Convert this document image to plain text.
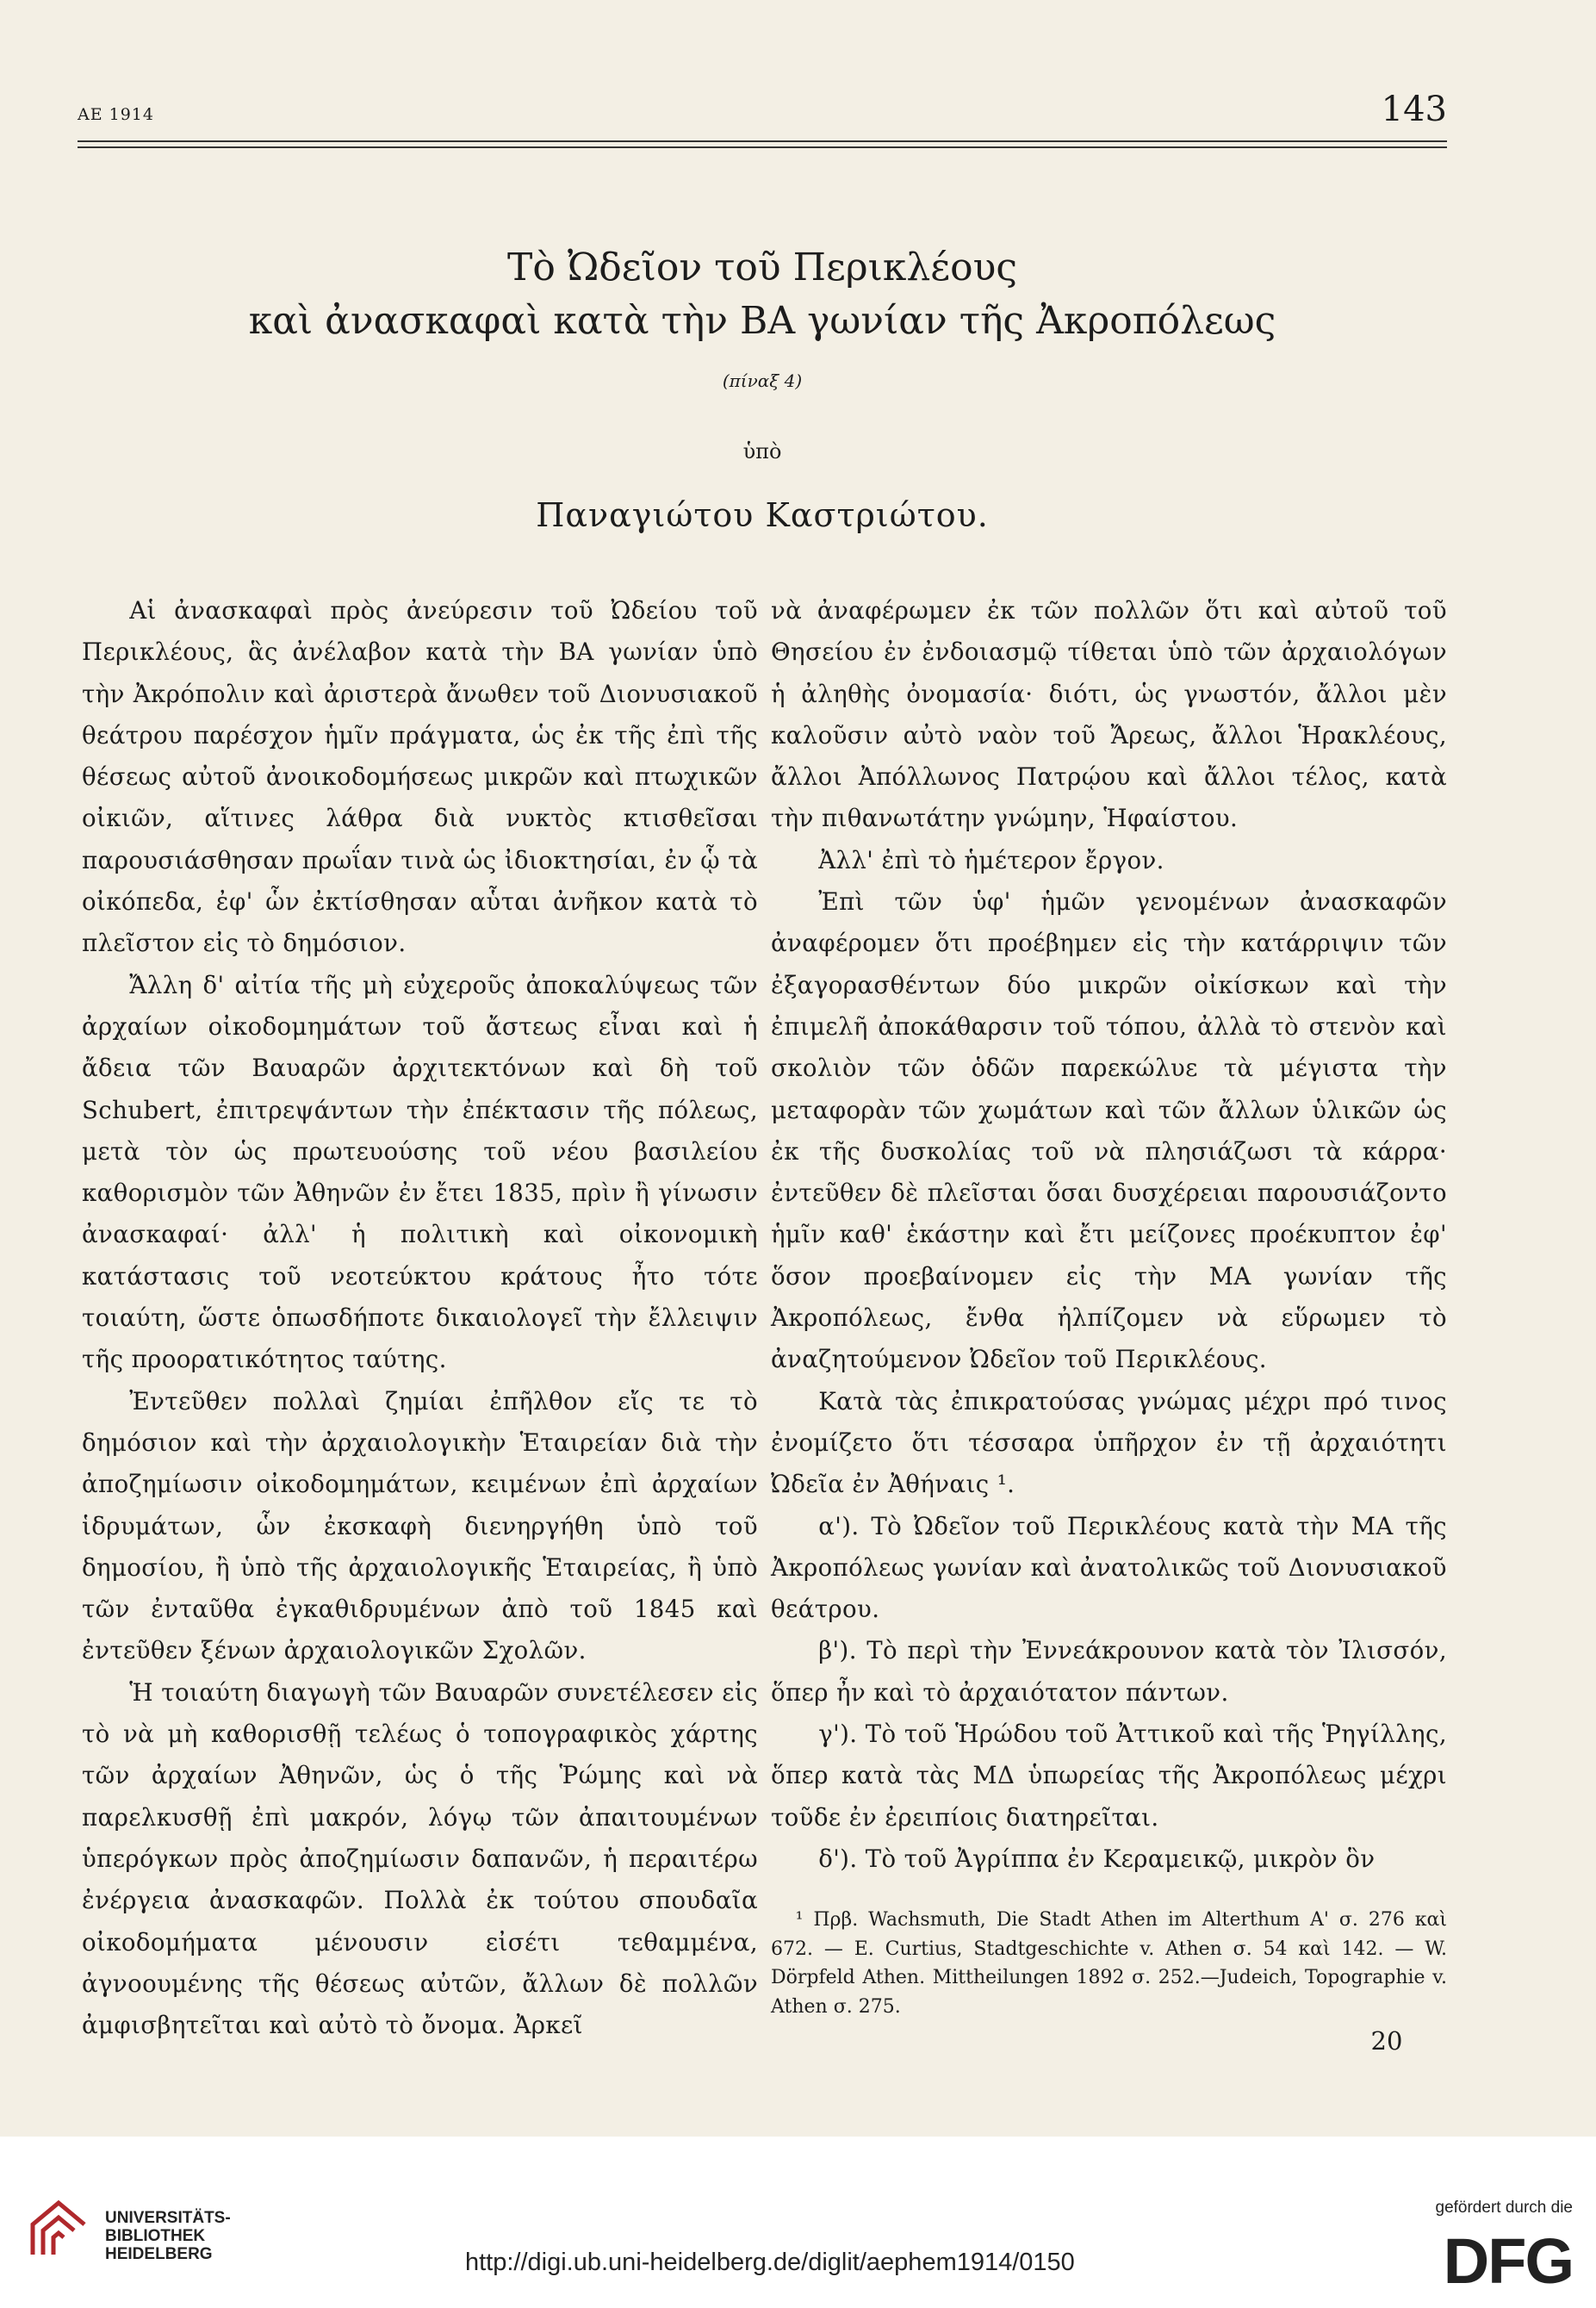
ΑΕ 1914	143
Τὸ Ὠδεῖον τοῦ Περικλέους
καὶ ἀνασκαφαὶ κατὰ τὴν ΒΑ γωνίαν τῆς Ἀκροπόλεως
(πίναξ 4)
ὑπὸ
Παναγιώτου Καστριώτου.

Αἱ ἀνασκαφαὶ πρὸς ἀνεύρεσιν τοῦ Ὠδείου τοῦ Περικλέους, ἃς ἀνέλαβον κατὰ τὴν ΒΑ γωνίαν ὑπὸ τὴν Ἀκρόπολιν καὶ ἀριστερὰ ἄνωθεν τοῦ Διονυσιακοῦ θεάτρου παρέσχον ἡμῖν πράγματα, ὡς ἐκ τῆς ἐπὶ τῆς θέσεως αὐτοῦ ἀνοικοδομήσεως μικρῶν καὶ πτωχικῶν οἰκιῶν, αἵτινες λάθρα διὰ νυκτὸς κτισθεῖσαι παρουσιάσθησαν πρωΐαν τινὰ ὡς ἰδιοκτησίαι, ἐν ᾧ τὰ οἰκόπεδα, ἐφ' ὧν ἐκτίσθησαν αὗται ἀνῆκον κατὰ τὸ πλεῖστον εἰς τὸ δημόσιον.

Ἄλλη δ' αἰτία τῆς μὴ εὐχεροῦς ἀποκαλύψεως τῶν ἀρχαίων οἰκοδομημάτων τοῦ ἄστεως εἶναι καὶ ἡ ἄδεια τῶν Βαυαρῶν ἀρχιτεκτόνων καὶ δὴ τοῦ Schubert, ἐπιτρεψάντων τὴν ἐπέκτασιν τῆς πόλεως, μετὰ τὸν ὡς πρωτευούσης τοῦ νέου βασιλείου καθορισμὸν τῶν Ἀθηνῶν ἐν ἔτει 1835, πρὶν ἢ γίνωσιν ἀνασκαφαί· ἀλλ' ἡ πολιτικὴ καὶ οἰκονομικὴ κατάστασις τοῦ νεοτεύκτου κράτους ἦτο τότε τοιαύτη, ὥστε ὁπωσδήποτε δικαιολογεῖ τὴν ἔλλειψιν τῆς προορατικότητος ταύτης.

Ἐντεῦθεν πολλαὶ ζημίαι ἐπῆλθον εἴς τε τὸ δημόσιον καὶ τὴν ἀρχαιολογικὴν Ἑταιρείαν διὰ τὴν ἀποζημίωσιν οἰκοδομημάτων, κειμένων ἐπὶ ἀρχαίων ἱδρυμάτων, ὧν ἐκσκαφὴ διενηργήθη ὑπὸ τοῦ δημοσίου, ἢ ὑπὸ τῆς ἀρχαιολογικῆς Ἑταιρείας, ἢ ὑπὸ τῶν ἐνταῦθα ἐγκαθιδρυμένων ἀπὸ τοῦ 1845 καὶ ἐντεῦθεν ξένων ἀρχαιολογικῶν Σχολῶν.

Ἡ τοιαύτη διαγωγὴ τῶν Βαυαρῶν συνετέλεσεν εἰς τὸ νὰ μὴ καθορισθῇ τελέως ὁ τοπογραφικὸς χάρτης τῶν ἀρχαίων Ἀθηνῶν, ὡς ὁ τῆς Ῥώμης καὶ νὰ παρελκυσθῇ ἐπὶ μακρόν, λόγῳ τῶν ἀπαιτουμένων ὑπερόγκων πρὸς ἀποζημίωσιν δαπανῶν, ἡ περαιτέρω ἐνέργεια ἀνασκαφῶν. Πολλὰ ἐκ τούτου σπουδαῖα οἰκοδομήματα μένουσιν εἰσέτι τεθαμμένα, ἀγνοουμένης τῆς θέσεως αὐτῶν, ἄλλων δὲ πολλῶν ἀμφισβητεῖται καὶ αὐτὸ τὸ ὄνομα. Ἀρκεῖ

νὰ ἀναφέρωμεν ἐκ τῶν πολλῶν ὅτι καὶ αὐτοῦ τοῦ Θησείου ἐν ἐνδοιασμῷ τίθεται ὑπὸ τῶν ἀρχαιολόγων ἡ ἀληθὴς ὀνομασία· διότι, ὡς γνωστόν, ἄλλοι μὲν καλοῦσιν αὐτὸ ναὸν τοῦ Ἄρεως, ἄλλοι Ἡρακλέους, ἄλλοι Ἀπόλλωνος Πατρῴου καὶ ἄλλοι τέλος, κατὰ τὴν πιθανωτάτην γνώμην, Ἡφαίστου.

Ἀλλ' ἐπὶ τὸ ἡμέτερον ἔργον.

Ἐπὶ τῶν ὑφ' ἡμῶν γενομένων ἀνασκαφῶν ἀναφέρομεν ὅτι προέβημεν εἰς τὴν κατάρριψιν τῶν ἐξαγορασθέντων δύο μικρῶν οἰκίσκων καὶ τὴν ἐπιμελῆ ἀποκάθαρσιν τοῦ τόπου, ἀλλὰ τὸ στενὸν καὶ σκολιὸν τῶν ὁδῶν παρεκώλυε τὰ μέγιστα τὴν μεταφορὰν τῶν χωμάτων καὶ τῶν ἄλλων ὑλικῶν ὡς ἐκ τῆς δυσκολίας τοῦ νὰ πλησιάζωσι τὰ κάρρα· ἐντεῦθεν δὲ πλεῖσται ὅσαι δυσχέρειαι παρουσιάζοντο ἡμῖν καθ' ἑκάστην καὶ ἔτι μείζονες προέκυπτον ἐφ' ὅσον προεβαίνομεν εἰς τὴν ΜΑ γωνίαν τῆς Ἀκροπόλεως, ἔνθα ἠλπίζομεν νὰ εὕρωμεν τὸ ἀναζητούμενον Ὠδεῖον τοῦ Περικλέους.

Κατὰ τὰς ἐπικρατούσας γνώμας μέχρι πρό τινος ἐνομίζετο ὅτι τέσσαρα ὑπῆρχον ἐν τῇ ἀρχαιότητι Ὠδεῖα ἐν Ἀθήναις ¹.

α'). Τὸ Ὠδεῖον τοῦ Περικλέους κατὰ τὴν ΜΑ τῆς Ἀκροπόλεως γωνίαν καὶ ἀνατολικῶς τοῦ Διονυσιακοῦ θεάτρου.

β'). Τὸ περὶ τὴν Ἐννεάκρουνον κατὰ τὸν Ἰλισσόν, ὅπερ ἦν καὶ τὸ ἀρχαιότατον πάντων.

γ'). Τὸ τοῦ Ἡρώδου τοῦ Ἀττικοῦ καὶ τῆς Ῥηγίλλης, ὅπερ κατὰ τὰς ΜΔ ὑπωρείας τῆς Ἀκροπόλεως μέχρι τοῦδε ἐν ἐρειπίοις διατηρεῖται.

δ'). Τὸ τοῦ Ἀγρίππα ἐν Κεραμεικῷ, μικρὸν ὃν

¹ Πρβ. Wachsmuth, Die Stadt Athen im Alterthum Α' σ. 276 καὶ 672. — E. Curtius, Stadtgeschichte v. Athen σ. 54 καὶ 142. — W. Dörpfeld Athen. Mittheilungen 1892 σ. 252.—Judeich, Topographie v. Athen σ. 275.

20
UNIVERSITÄTS-
BIBLIOTHEK
HEIDELBERG	http://digi.ub.uni-heidelberg.de/diglit/aephem1914/0150
gefördert durch die
DFG
